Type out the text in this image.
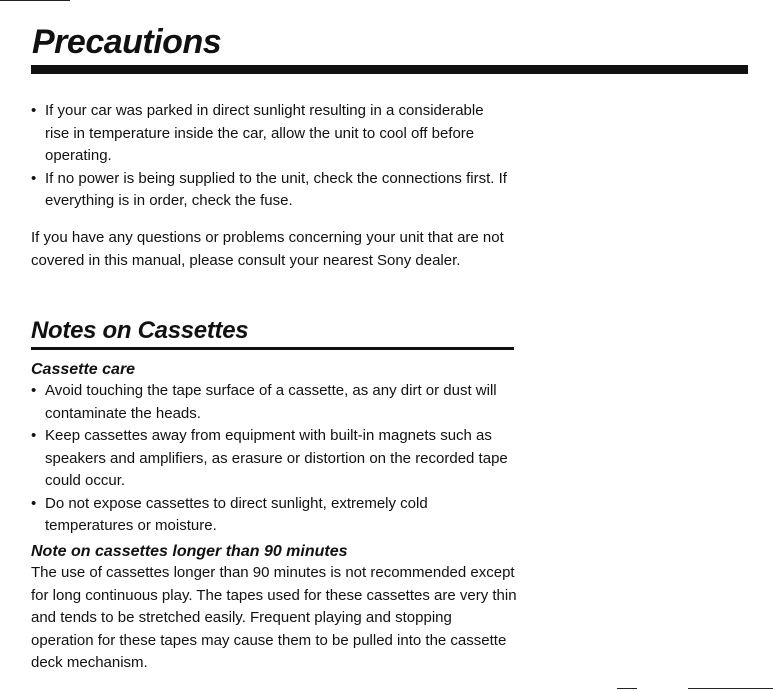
Precautions
• If your car was parked in direct sunlight resulting in a considerable rise in temperature inside the car, allow the unit to cool off before operating.
• If no power is being supplied to the unit, check the connections first. If everything is in order, check the fuse.

If you have any questions or problems concerning your unit that are not covered in this manual, please consult your nearest Sony dealer.

Notes on Cassettes
Cassette care
• Avoid touching the tape surface of a cassette, as any dirt or dust will contaminate the heads.
• Keep cassettes away from equipment with built-in magnets such as speakers and amplifiers, as erasure or distortion on the recorded tape could occur.
• Do not expose cassettes to direct sunlight, extremely cold temperatures or moisture.
Note on cassettes longer than 90 minutes

The use of cassettes longer than 90 minutes is not recommended except for long continuous play. The tapes used for these cassettes are very thin and tends to be stretched easily. Frequent playing and stopping operation for these tapes may cause them to be pulled into the cassette deck mechanism.
